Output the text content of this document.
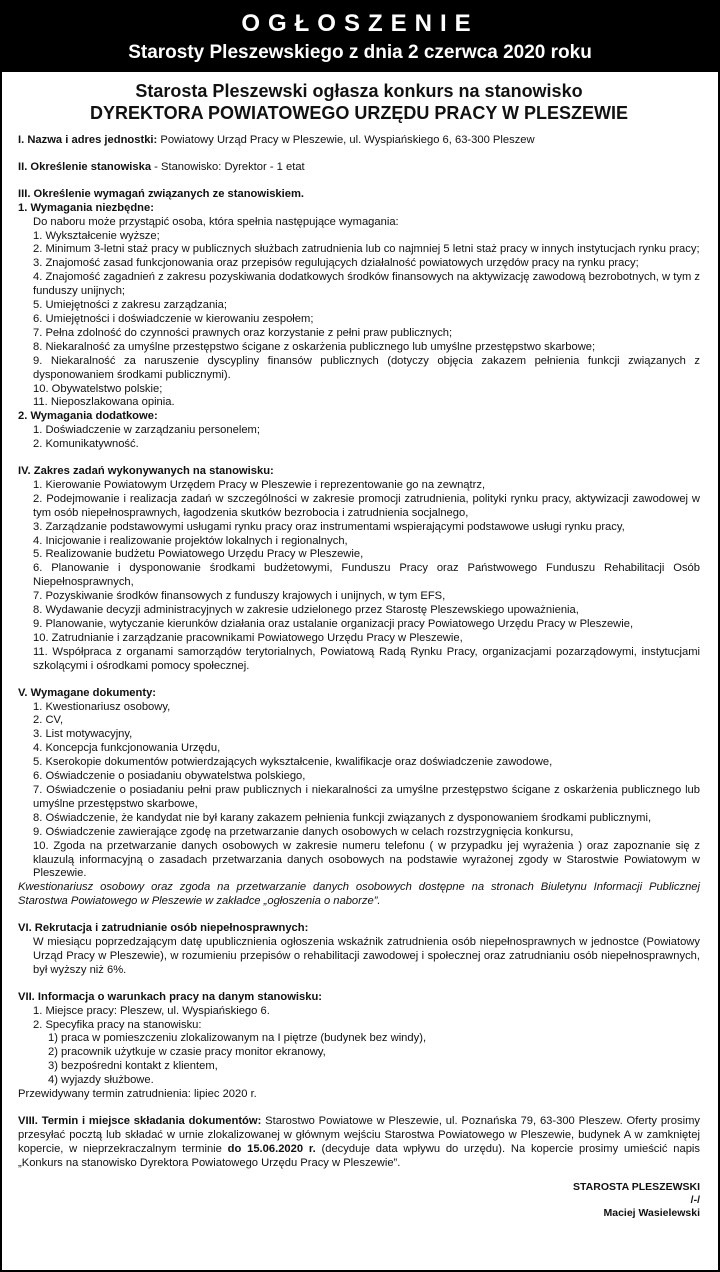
OGŁOSZENIE
Starosty Pleszewskiego z dnia 2 czerwca 2020 roku
Starosta Pleszewski ogłasza konkurs na stanowisko
DYREKTORA POWIATOWEGO URZĘDU PRACY W PLESZEWIE

I. Nazwa i adres jednostki: Powiatowy Urząd Pracy w Pleszewie, ul. Wyspiańskiego 6, 63-300 Pleszew

II. Określenie stanowiska - Stanowisko: Dyrektor - 1 etat

III. Określenie wymagań związanych ze stanowiskiem.

1. Wymagania niezbędne:

Do naboru może przystąpić osoba, która spełnia następujące wymagania:

1. Wykształcenie wyższe;

2. Minimum 3-letni staż pracy w publicznych służbach zatrudnienia lub co najmniej 5 letni staż pracy w innych instytucjach rynku pracy;

3. Znajomość zasad funkcjonowania oraz przepisów regulujących działalność powiatowych urzędów pracy na rynku pracy;

4. Znajomość zagadnień z zakresu pozyskiwania dodatkowych środków finansowych na aktywizację zawodową bezrobotnych, w tym z funduszy unijnych;

5. Umiejętności z zakresu zarządzania;

6. Umiejętności i doświadczenie w kierowaniu zespołem;

7. Pełna zdolność do czynności prawnych oraz korzystanie z pełni praw publicznych;

8. Niekaralność za umyślne przestępstwo ścigane z oskarżenia publicznego lub umyślne przestępstwo skarbowe;

9. Niekaralność za naruszenie dyscypliny finansów publicznych (dotyczy objęcia zakazem pełnienia funkcji związanych z dysponowaniem środkami publicznymi).

10. Obywatelstwo polskie;

11. Nieposzlakowana opinia.

2. Wymagania dodatkowe:

1. Doświadczenie w zarządzaniu personelem;

2. Komunikatywność.

IV. Zakres zadań wykonywanych na stanowisku:

1. Kierowanie Powiatowym Urzędem Pracy w Pleszewie i reprezentowanie go na zewnątrz,

2. Podejmowanie i realizacja zadań w szczególności w zakresie promocji zatrudnienia, polityki rynku pracy, aktywizacji zawodowej w tym osób niepełnosprawnych, łagodzenia skutków bezrobocia i zatrudnienia socjalnego,

3. Zarządzanie podstawowymi usługami rynku pracy oraz instrumentami wspierającymi podstawowe usługi rynku pracy,

4. Inicjowanie i realizowanie projektów lokalnych i regionalnych,

5. Realizowanie budżetu Powiatowego Urzędu Pracy w Pleszewie,

6. Planowanie i dysponowanie środkami budżetowymi, Funduszu Pracy oraz Państwowego Funduszu Rehabilitacji Osób Niepełnosprawnych,

7. Pozyskiwanie środków finansowych z funduszy krajowych i unijnych, w tym EFS,

8. Wydawanie decyzji administracyjnych w zakresie udzielonego przez Starostę Pleszewskiego upoważnienia,

9. Planowanie, wytyczanie kierunków działania oraz ustalanie organizacji pracy Powiatowego Urzędu Pracy w Pleszewie,

10. Zatrudnianie i zarządzanie pracownikami Powiatowego Urzędu Pracy w Pleszewie,

11. Współpraca z organami samorządów terytorialnych, Powiatową Radą Rynku Pracy, organizacjami pozarządowymi, instytucjami szkolącymi i ośrodkami pomocy społecznej.

V. Wymagane dokumenty:

1. Kwestionariusz osobowy,

2. CV,

3. List motywacyjny,

4. Koncepcja funkcjonowania Urzędu,

5. Kserokopie dokumentów potwierdzających wykształcenie, kwalifikacje oraz doświadczenie zawodowe,

6. Oświadczenie o posiadaniu obywatelstwa polskiego,

7. Oświadczenie o posiadaniu pełni praw publicznych i niekaralności za umyślne przestępstwo ścigane z oskarżenia publicznego lub umyślne przestępstwo skarbowe,

8. Oświadczenie, że kandydat nie był karany zakazem pełnienia funkcji związanych z dysponowaniem środkami publicznymi,

9. Oświadczenie zawierające zgodę na przetwarzanie danych osobowych w celach rozstrzygnięcia konkursu,

10. Zgoda na przetwarzanie danych osobowych w zakresie numeru telefonu ( w przypadku jej wyrażenia ) oraz zapoznanie się z klauzulą informacyjną o zasadach przetwarzania danych osobowych na podstawie wyrażonej zgody w Starostwie Powiatowym w Pleszewie.

Kwestionariusz osobowy oraz zgoda na przetwarzanie danych osobowych dostępne na stronach Biuletynu Informacji Publicznej Starostwa Powiatowego w Pleszewie w zakładce „ogłoszenia o naborze”.

VI. Rekrutacja i zatrudnianie osób niepełnosprawnych:

W miesiącu poprzedzającym datę upublicznienia ogłoszenia wskaźnik zatrudnienia osób niepełnosprawnych w jednostce (Powiatowy Urząd Pracy w Pleszewie), w rozumieniu przepisów o rehabilitacji zawodowej i społecznej oraz zatrudnianiu osób niepełnosprawnych, był wyższy niż 6%.

VII. Informacja o warunkach pracy na danym stanowisku:

1. Miejsce pracy: Pleszew, ul. Wyspiańskiego 6.

2. Specyfika pracy na stanowisku:

1) praca w pomieszczeniu zlokalizowanym na I piętrze (budynek bez windy),

2) pracownik użytkuje w czasie pracy monitor ekranowy,

3) bezpośredni kontakt z klientem,

4) wyjazdy służbowe.

Przewidywany termin zatrudnienia: lipiec 2020 r.

VIII. Termin i miejsce składania dokumentów: Starostwo Powiatowe w Pleszewie, ul. Poznańska 79, 63-300 Pleszew. Oferty prosimy przesyłać pocztą lub składać w urnie zlokalizowanej w głównym wejściu Starostwa Powiatowego w Pleszewie, budynek A w zamkniętej kopercie, w nieprzekraczalnym terminie do 15.06.2020 r. (decyduje data wpływu do urzędu). Na kopercie prosimy umieścić napis „Konkurs na stanowisko Dyrektora Powiatowego Urzędu Pracy w Pleszewie”.

STAROSTA PLESZEWSKI
/-/
Maciej Wasielewski
